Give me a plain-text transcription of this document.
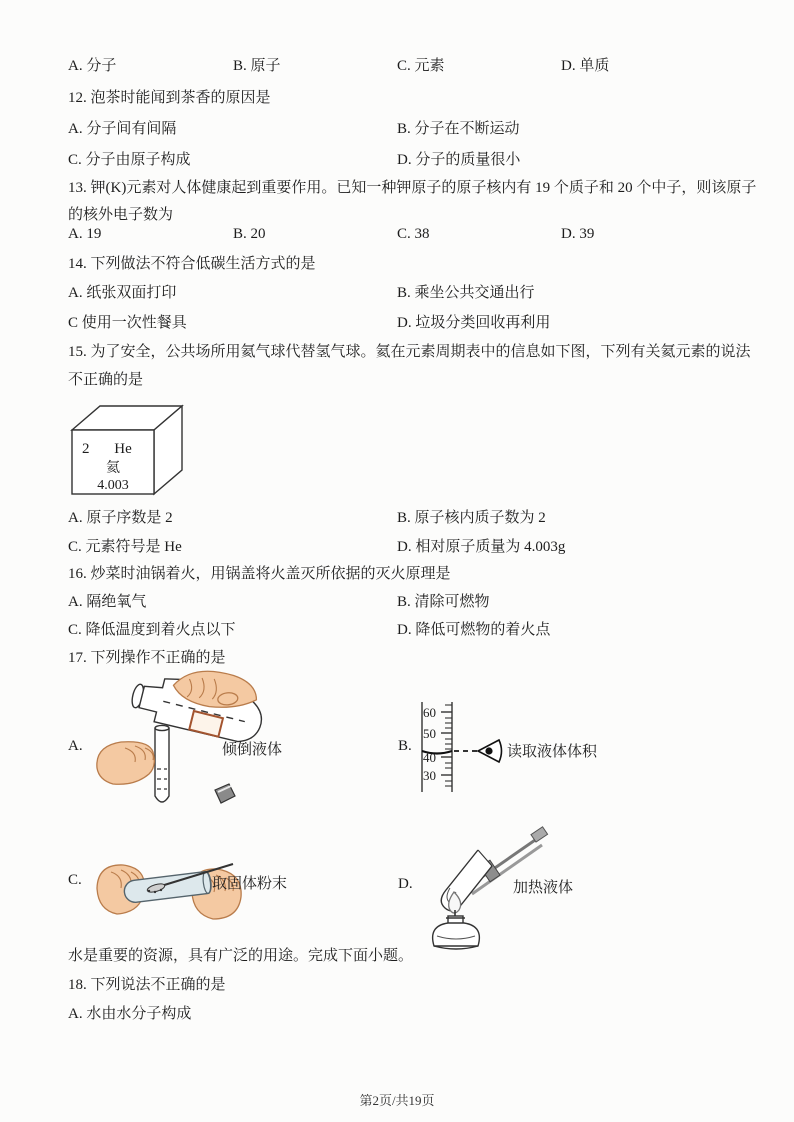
A. 分子	B. 原子	C. 元素	D. 单质
12. 泡茶时能闻到茶香的原因是
A. 分子间有间隔	B. 分子在不断运动
C. 分子由原子构成	D. 分子的质量很小
13. 钾(K)元素对人体健康起到重要作用。已知一种钾原子的原子核内有 19 个质子和 20 个中子，则该原子
的核外电子数为
A. 19	B. 20	C. 38	D. 39
14. 下列做法不符合低碳生活方式的是
A. 纸张双面打印	B. 乘坐公共交通出行
C 使用一次性餐具	D. 垃圾分类回收再利用
15. 为了安全，公共场所用氦气球代替氢气球。氦在元素周期表中的信息如下图，下列有关氦元素的说法
不正确的是
2 He
氦
4.003
A. 原子序数是 2	B. 原子核内质子数为 2
C. 元素符号是 He	D. 相对原子质量为 4.003g
16. 炒菜时油锅着火，用锅盖将火盖灭所依据的灭火原理是
A. 隔绝氧气	B. 清除可燃物
C. 降低温度到着火点以下	D. 降低可燃物的着火点
17. 下列操作不正确的是
A.	倾倒液体	B.
60
50
40
30
读取液体体积
C.	取固体粉末	D.	加热液体
水是重要的资源，具有广泛的用途。完成下面小题。
18. 下列说法不正确的是
A. 水由水分子构成
第2页/共19页
